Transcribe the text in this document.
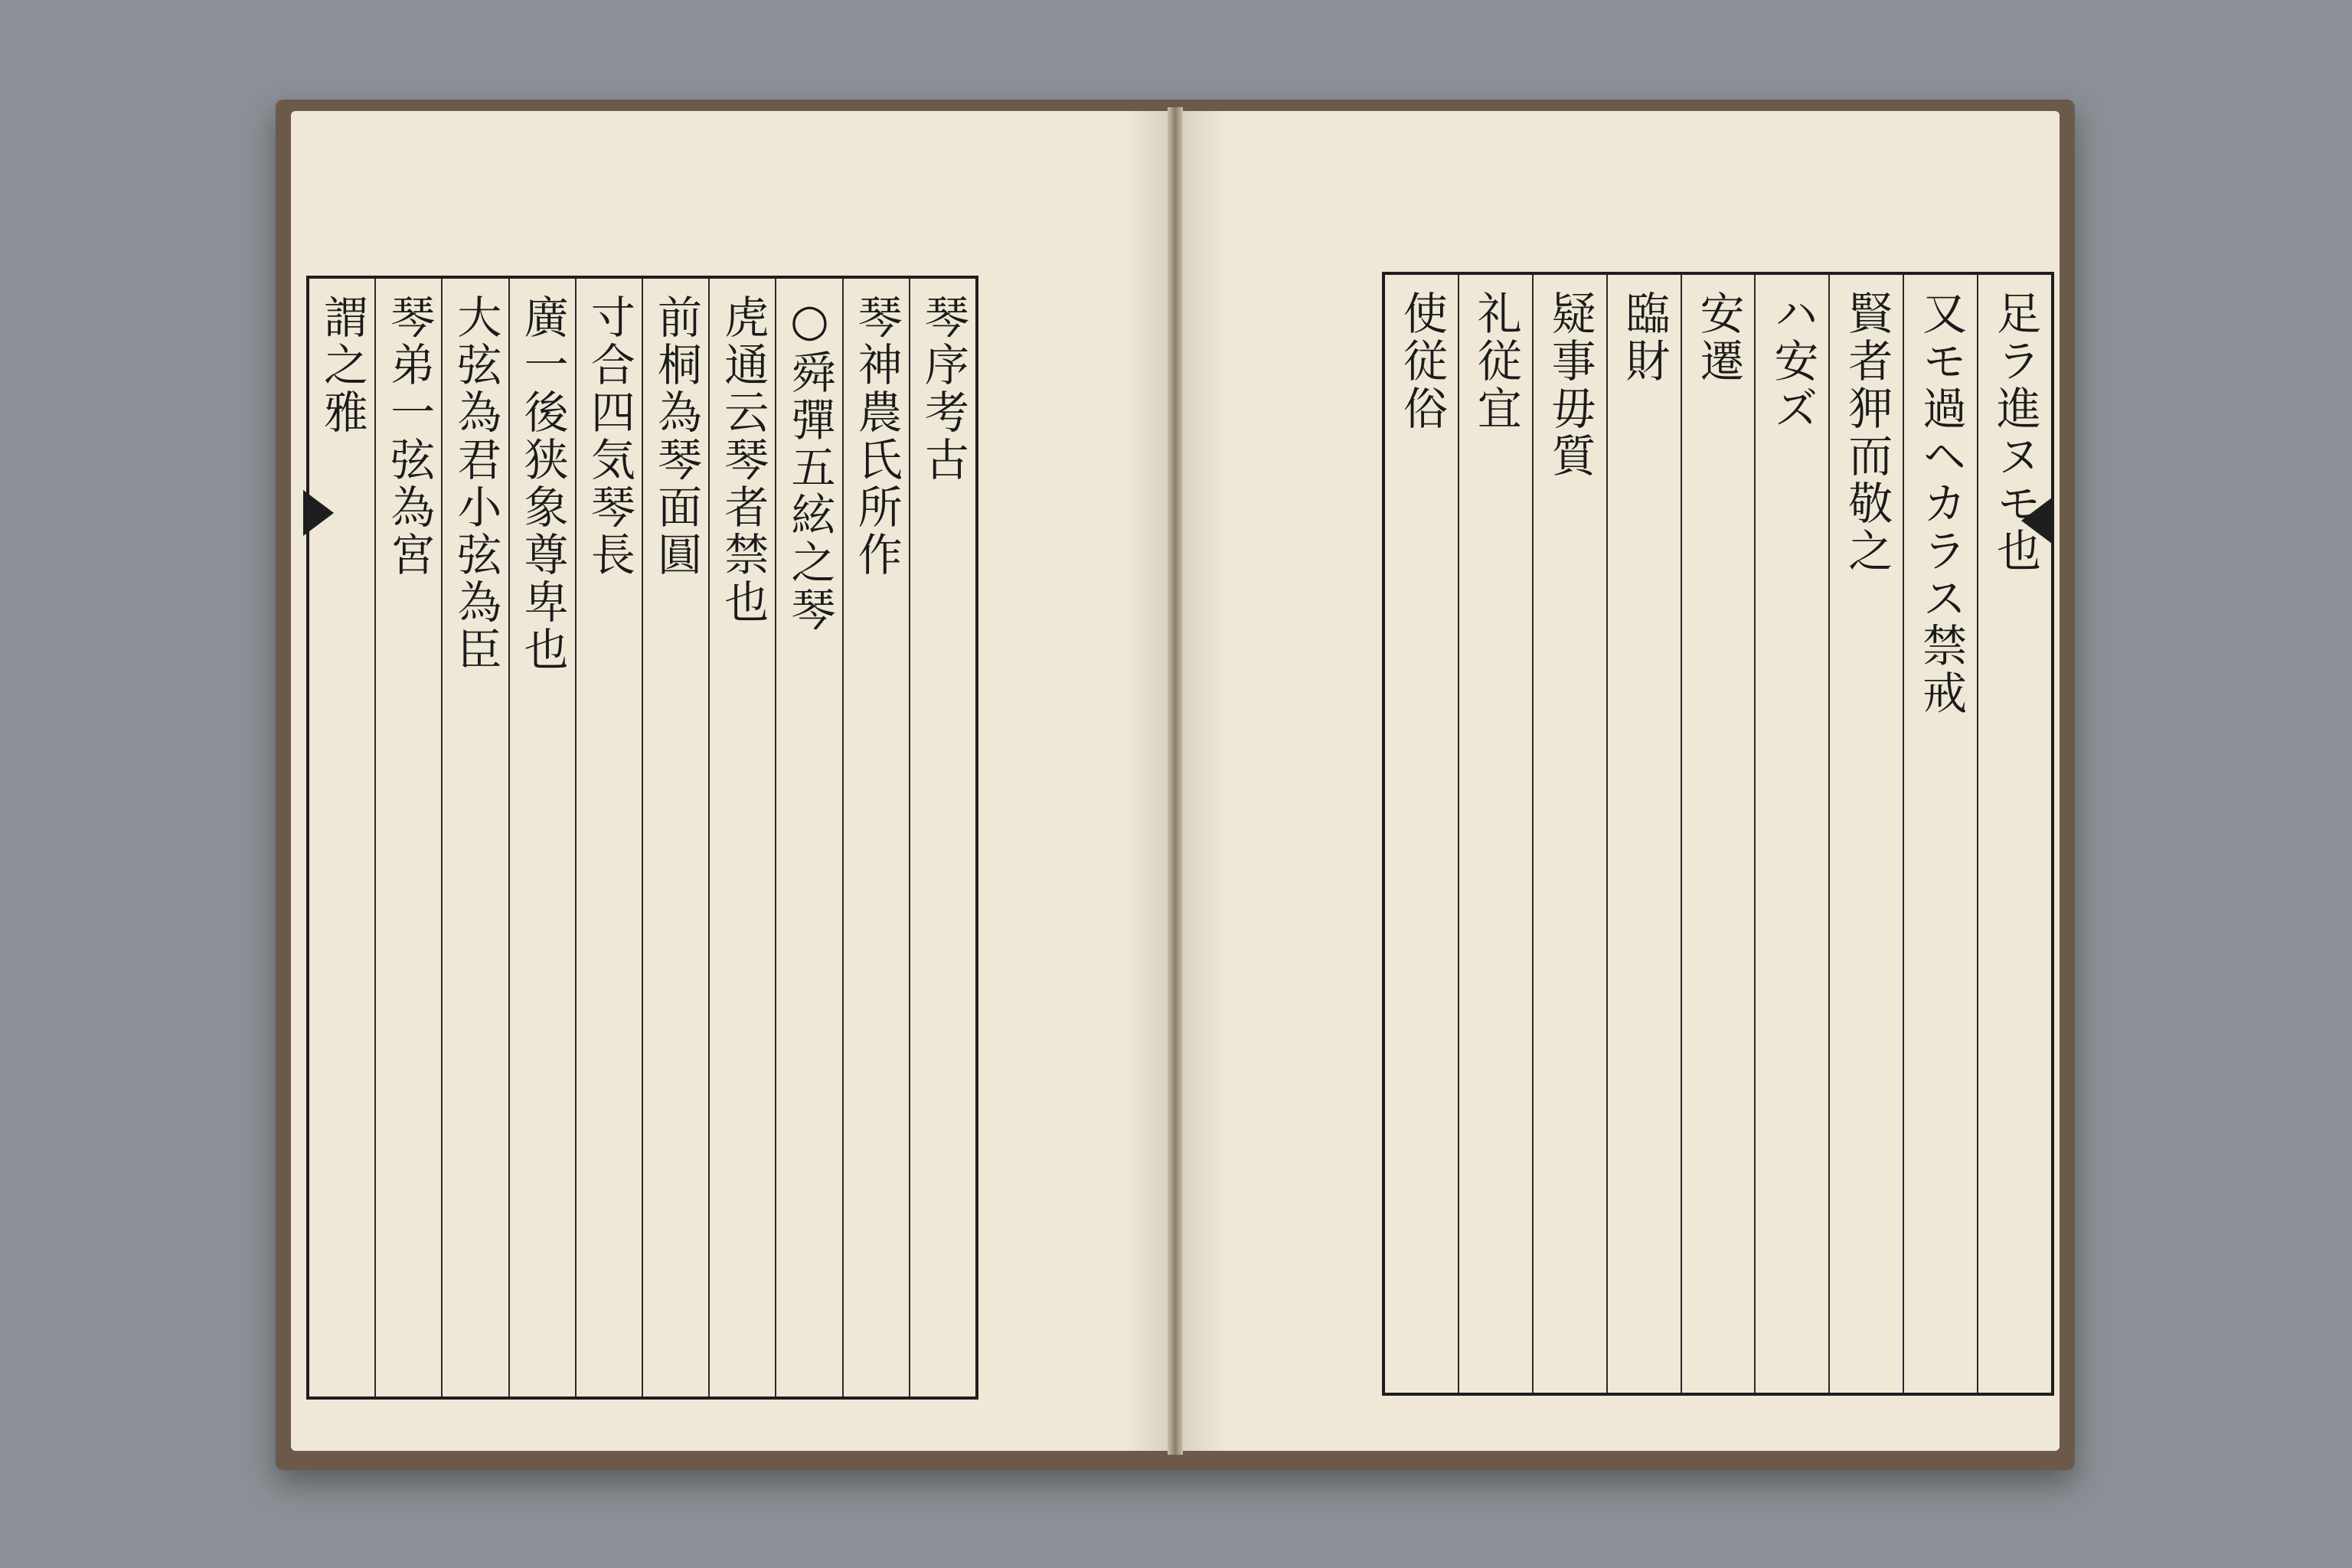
琴序考古
琴神農氏所作
○舜彈五絃之琴
虎通云琴者禁也
前桐為琴面圓
寸合四気琴長
廣一後狭象尊卑也
大弦為君小弦為臣
琴弟一弦為宮
謂之雅	足ラ進ヌモ也
又モ過ヘカラス禁戒
賢者狎而敬之
ハ安ズ
安遷
臨財
疑事毋質
礼従宜
使従俗
